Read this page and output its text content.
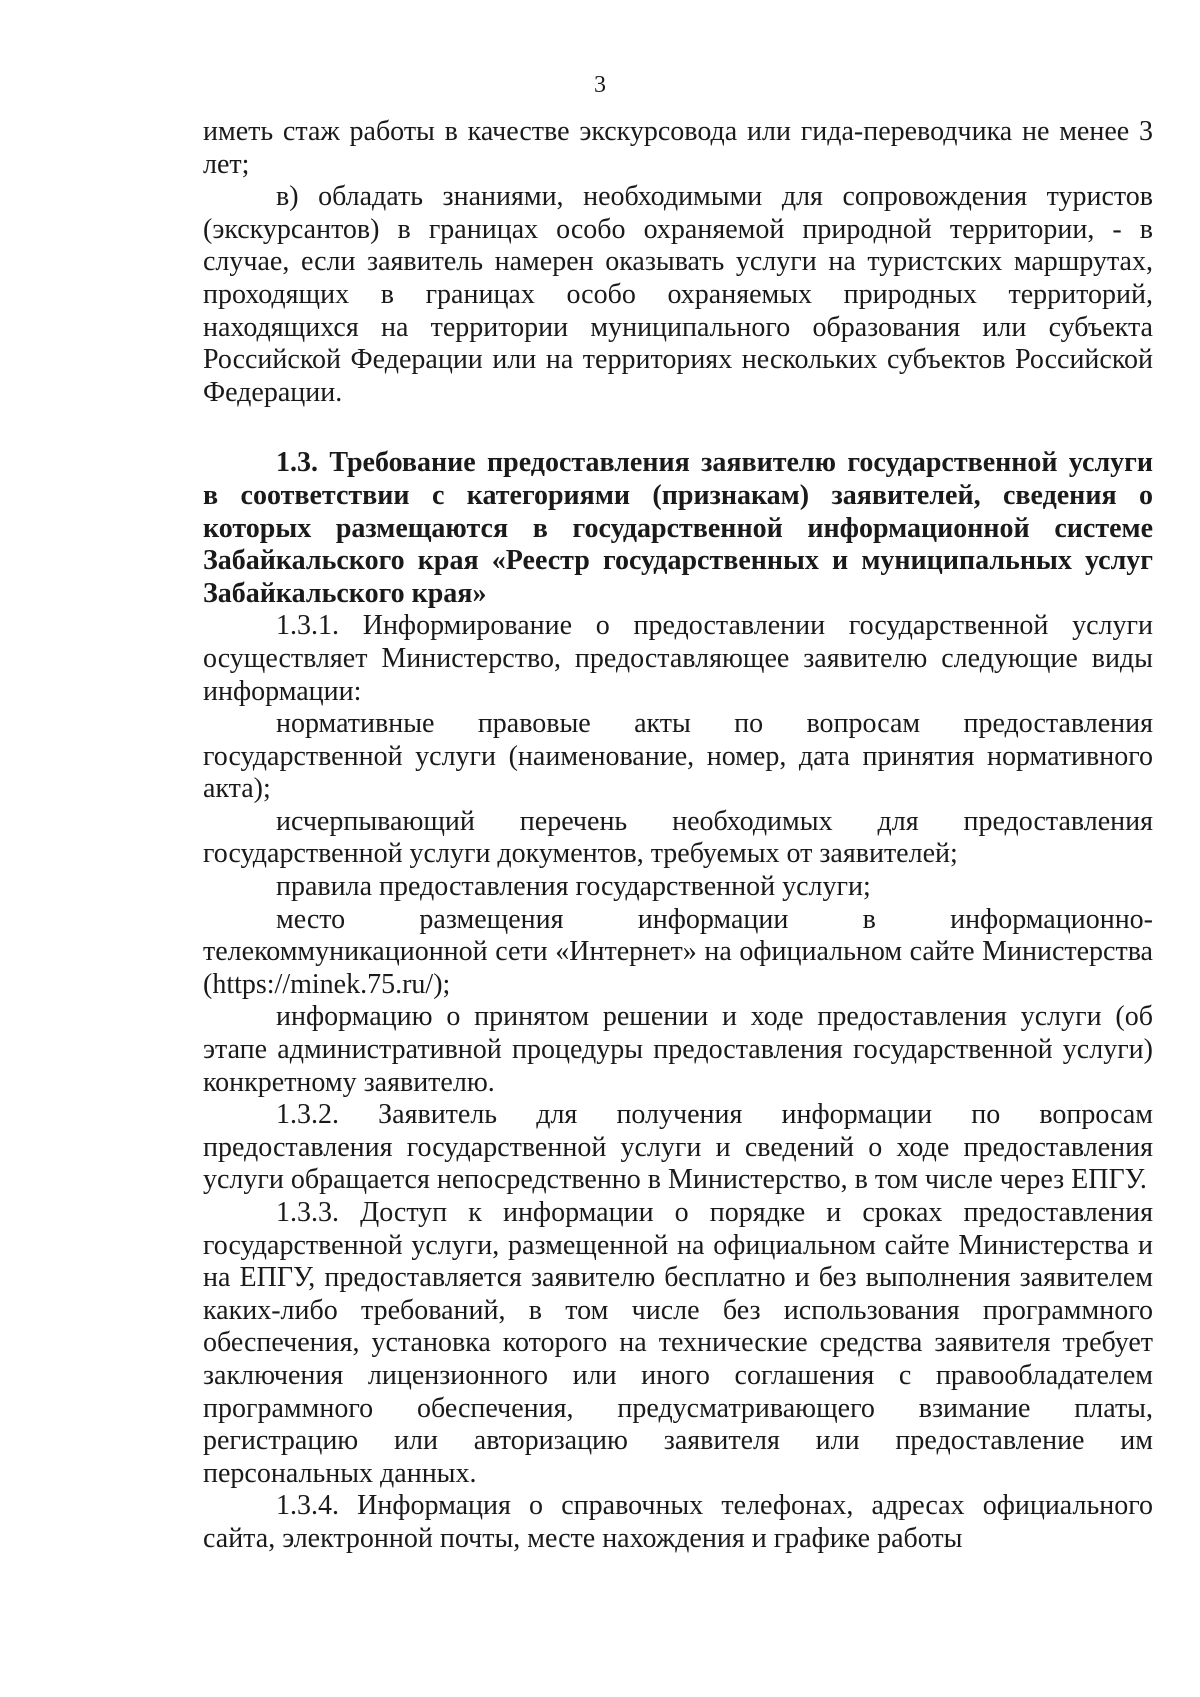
3

иметь стаж работы в качестве экскурсовода или гида-переводчика не менее 3 лет;

в) обладать знаниями, необходимыми для сопровождения туристов (экскурсантов) в границах особо охраняемой природной территории, - в случае, если заявитель намерен оказывать услуги на туристских маршрутах, проходящих в границах особо охраняемых природных территорий, находящихся на территории муниципального образования или субъекта Российской Федерации или на территориях нескольких субъектов Российской Федерации.

1.3. Требование предоставления заявителю государственной услуги в соответствии с категориями (признакам) заявителей, сведения о которых размещаются в государственной информационной системе Забайкальского края «Реестр государственных и муниципальных услуг Забайкальского края»

1.3.1. Информирование о предоставлении государственной услуги осуществляет Министерство, предоставляющее заявителю следующие виды информации:

нормативные правовые акты по вопросам предоставления государственной услуги (наименование, номер, дата принятия нормативного акта);

исчерпывающий перечень необходимых для предоставления государственной услуги документов, требуемых от заявителей;

правила предоставления государственной услуги;

место размещения информации в информационно-телекоммуникационной сети «Интернет» на официальном сайте Министерства (https://minek.75.ru/);

информацию о принятом решении и ходе предоставления услуги (об этапе административной процедуры предоставления государственной услуги) конкретному заявителю.

1.3.2. Заявитель для получения информации по вопросам предоставления государственной услуги и сведений о ходе предоставления услуги обращается непосредственно в Министерство, в том числе через ЕПГУ.

1.3.3. Доступ к информации о порядке и сроках предоставления государственной услуги, размещенной на официальном сайте Министерства и на ЕПГУ, предоставляется заявителю бесплатно и без выполнения заявителем каких-либо требований, в том числе без использования программного обеспечения, установка которого на технические средства заявителя требует заключения лицензионного или иного соглашения с правообладателем программного обеспечения, предусматривающего взимание платы, регистрацию или авторизацию заявителя или предоставление им персональных данных.

1.3.4. Информация о справочных телефонах, адресах официального сайта, электронной почты, месте нахождения и графике работы
